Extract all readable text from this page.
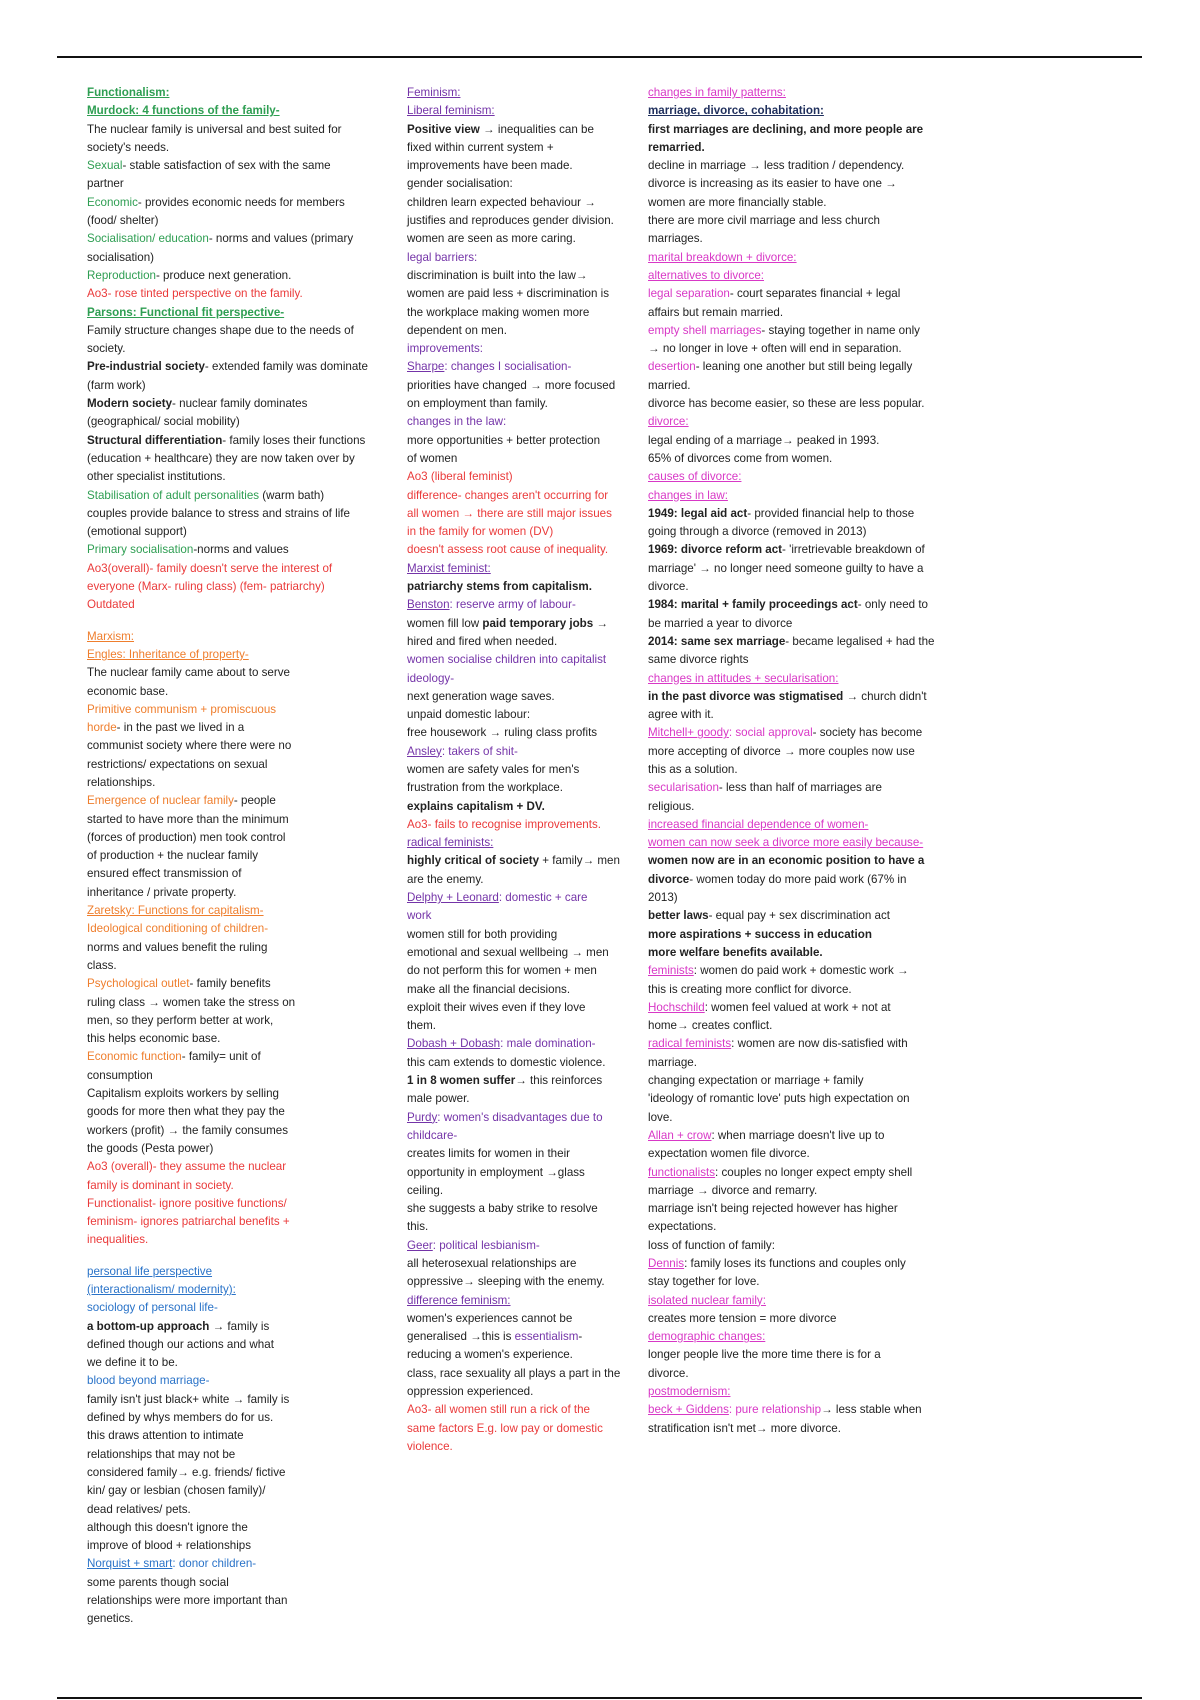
Functionalism:
Murdock: 4 functions of the family-
The nuclear family is universal and best suited for
society's needs.
Sexual- stable satisfaction of sex with the same
partner
Economic- provides economic needs for members
(food/ shelter)
Socialisation/ education- norms and values (primary
socialisation)
Reproduction- produce next generation.
Ao3- rose tinted perspective on the family.
Parsons: Functional fit perspective-
Family structure changes shape due to the needs of
society.
Pre-industrial society- extended family was dominate
(farm work)
Modern society- nuclear family dominates
(geographical/ social mobility)
Structural differentiation- family loses their functions
(education + healthcare) they are now taken over by
other specialist institutions.
Stabilisation of adult personalities (warm bath)
couples provide balance to stress and strains of life
(emotional support)
Primary socialisation-norms and values
Ao3(overall)- family doesn't serve the interest of
everyone (Marx- ruling class) (fem- patriarchy)
Outdated
Marxism:
Engles: Inheritance of property-
The nuclear family came about to serve
economic base.
Primitive communism + promiscuous
horde- in the past we lived in a
communist society where there were no
restrictions/ expectations on sexual
relationships.
Emergence of nuclear family- people
started to have more than the minimum
(forces of production) men took control
of production + the nuclear family
ensured effect transmission of
inheritance / private property.
Zaretsky: Functions for capitalism-
Ideological conditioning of children-
norms and values benefit the ruling
class.
Psychological outlet- family benefits
ruling class → women take the stress on
men, so they perform better at work,
this helps economic base.
Economic function- family= unit of
consumption
Capitalism exploits workers by selling
goods for more then what they pay the
workers (profit) → the family consumes
the goods (Pesta power)
Ao3 (overall)- they assume the nuclear
family is dominant in society.
Functionalist- ignore positive functions/
feminism- ignores patriarchal benefits +
inequalities.
personal life perspective
(interactionalism/ modernity):
sociology of personal life-
a bottom-up approach → family is
defined though our actions and what
we define it to be.
blood beyond marriage-
family isn't just black+ white → family is
defined by whys members do for us.
this draws attention to intimate
relationships that may not be
considered family→ e.g. friends/ fictive
kin/ gay or lesbian (chosen family)/
dead relatives/ pets.
although this doesn't ignore the
improve of blood + relationships
Norquist + smart: donor children-
some parents though social
relationships were more important than
genetics.
Feminism:
Liberal feminism:
Positive view → inequalities can be
fixed within current system +
improvements have been made.
gender socialisation:
children learn expected behaviour →
justifies and reproduces gender division.
women are seen as more caring.
legal barriers:
discrimination is built into the law→
women are paid less + discrimination is
the workplace making women more
dependent on men.
improvements:
Sharpe: changes I socialisation-
priorities have changed → more focused
on employment than family.
changes in the law:
more opportunities + better protection
of women
Ao3 (liberal feminist)
difference- changes aren't occurring for
all women → there are still major issues
in the family for women (DV)
doesn't assess root cause of inequality.
Marxist feminist:
patriarchy stems from capitalism.
Benston: reserve army of labour-
women fill low paid temporary jobs →
hired and fired when needed.
women socialise children into capitalist
ideology-
next generation wage saves.
unpaid domestic labour:
free housework → ruling class profits
Ansley: takers of shit-
women are safety vales for men's
frustration from the workplace.
explains capitalism + DV.
Ao3- fails to recognise improvements.
radical feminists:
highly critical of society + family→ men
are the enemy.
Delphy + Leonard: domestic + care
work
women still for both providing
emotional and sexual wellbeing → men
do not perform this for women + men
make all the financial decisions.
exploit their wives even if they love
them.
Dobash + Dobash: male domination-
this cam extends to domestic violence.
1 in 8 women suffer→ this reinforces
male power.
Purdy: women's disadvantages due to
childcare-
creates limits for women in their
opportunity in employment →glass
ceiling.
she suggests a baby strike to resolve
this.
Geer: political lesbianism-
all heterosexual relationships are
oppressive→ sleeping with the enemy.
difference feminism:
women's experiences cannot be
generalised →this is essentialism-
reducing a women's experience.
class, race sexuality all plays a part in the
oppression experienced.
Ao3- all women still run a rick of the
same factors E.g. low pay or domestic
violence.
changes in family patterns:
marriage, divorce, cohabitation:
first marriages are declining, and more people are
remarried.
decline in marriage → less tradition / dependency.
divorce is increasing as its easier to have one →
women are more financially stable.
there are more civil marriage and less church
marriages.
marital breakdown + divorce:
alternatives to divorce:
legal separation- court separates financial + legal
affairs but remain married.
empty shell marriages- staying together in name only
→ no longer in love + often will end in separation.
desertion- leaning one another but still being legally
married.
divorce has become easier, so these are less popular.
divorce:
legal ending of a marriage→ peaked in 1993.
65% of divorces come from women.
causes of divorce:
changes in law:
1949: legal aid act- provided financial help to those
going through a divorce (removed in 2013)
1969: divorce reform act- 'irretrievable breakdown of
marriage' → no longer need someone guilty to have a
divorce.
1984: marital + family proceedings act- only need to
be married a year to divorce
2014: same sex marriage- became legalised + had the
same divorce rights
changes in attitudes + secularisation:
in the past divorce was stigmatised → church didn't
agree with it.
Mitchell+ goody: social approval- society has become
more accepting of divorce → more couples now use
this as a solution.
secularisation- less than half of marriages are
religious.
increased financial dependence of women-
women can now seek a divorce more easily because-
women now are in an economic position to have a
divorce- women today do more paid work (67% in
2013)
better laws- equal pay + sex discrimination act
more aspirations + success in education
more welfare benefits available.
feminists: women do paid work + domestic work →
this is creating more conflict for divorce.
Hochschild: women feel valued at work + not at
home→ creates conflict.
radical feminists: women are now dis-satisfied with
marriage.
changing expectation or marriage + family
'ideology of romantic love' puts high expectation on
love.
Allan + crow: when marriage doesn't live up to
expectation women file divorce.
functionalists: couples no longer expect empty shell
marriage → divorce and remarry.
marriage isn't being rejected however has higher
expectations.
loss of function of family:
Dennis: family loses its functions and couples only
stay together for love.
isolated nuclear family:
creates more tension = more divorce
demographic changes:
longer people live the more time there is for a
divorce.
postmodernism:
beck + Giddens: pure relationship→ less stable when
stratification isn't met→ more divorce.
